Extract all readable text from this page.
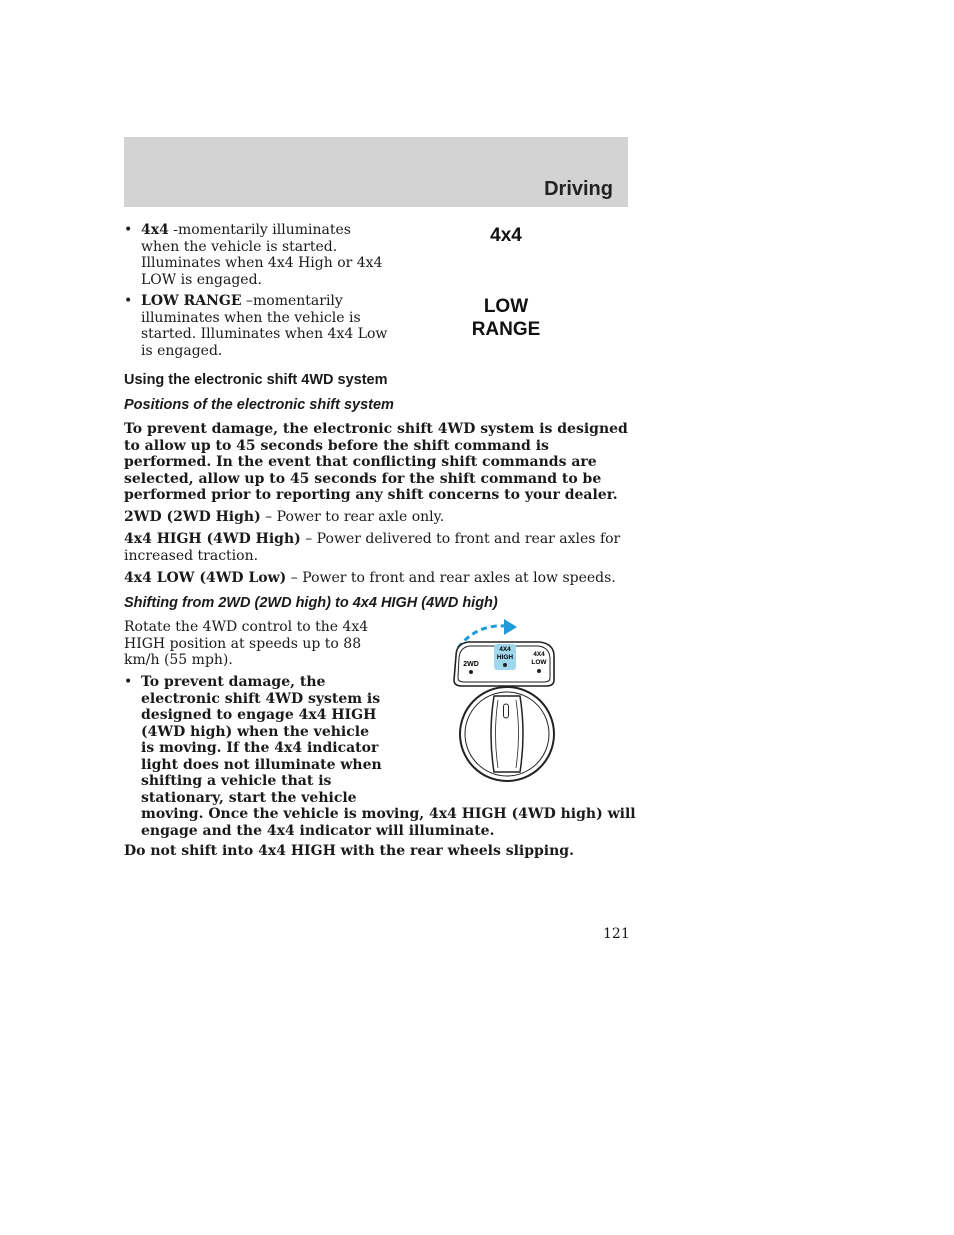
Driving
• 4x4 -momentarily illuminates when the vehicle is started. Illuminates when 4x4 High or 4x4 LOW is engaged.
• LOW RANGE –momentarily illuminates when the vehicle is started. Illuminates when 4x4 Low is engaged.
4x4
LOW
RANGE
Using the electronic shift 4WD system
Positions of the electronic shift system
To prevent damage, the electronic shift 4WD system is designed to allow up to 45 seconds before the shift command is performed. In the event that conflicting shift commands are selected, allow up to 45 seconds for the shift command to be performed prior to reporting any shift concerns to your dealer.
2WD (2WD High) – Power to rear axle only.
4x4 HIGH (4WD High) – Power delivered to front and rear axles for increased traction.
4x4 LOW (4WD Low) – Power to front and rear axles at low speeds.
Shifting from 2WD (2WD high) to 4x4 HIGH (4WD high)
Rotate the 4WD control to the 4x4 HIGH position at speeds up to 88 km/h (55 mph).
• To prevent damage, the
electronic shift 4WD system is
designed to engage 4x4 HIGH
(4WD high) when the vehicle
is moving. If the 4x4 indicator
light does not illuminate when
shifting a vehicle that is
stationary, start the vehicle
moving. Once the vehicle is moving, 4x4 HIGH (4WD high) will
engage and the 4x4 indicator will illuminate.
Do not shift into 4x4 HIGH with the rear wheels slipping.
2WD
4X4
HIGH	4X4
LOW
121
